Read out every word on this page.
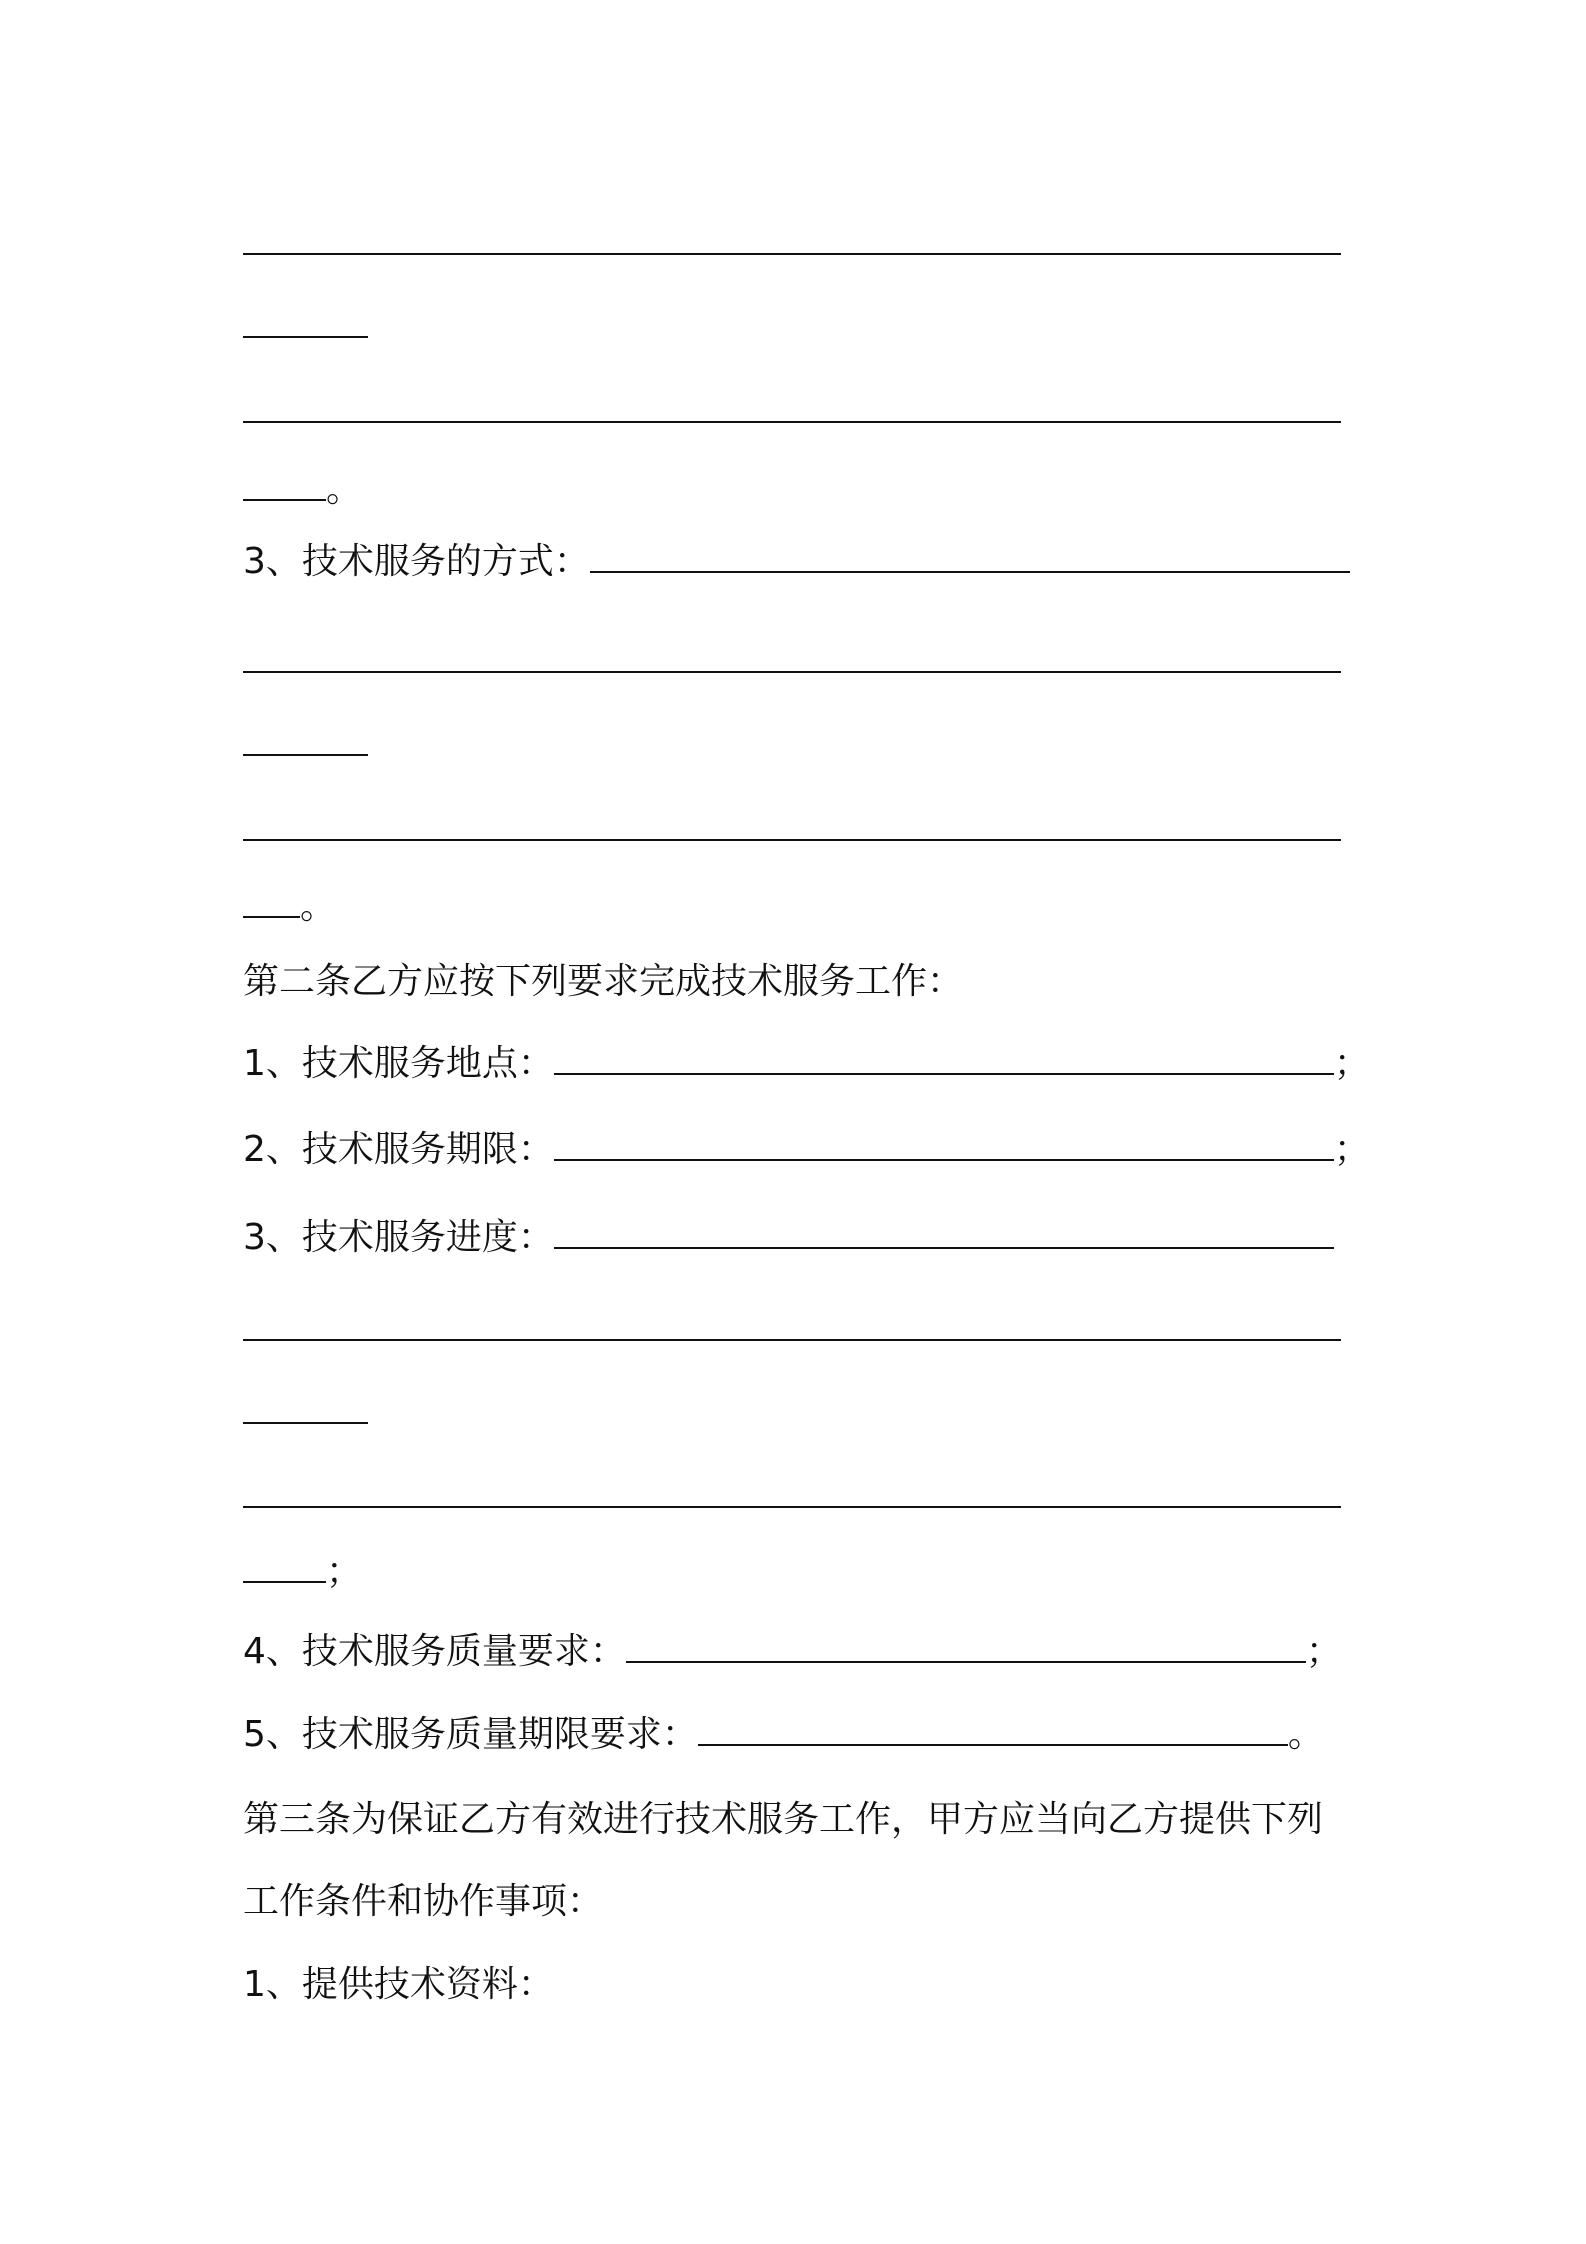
。
3、技术服务的方式：
。
第二条乙方应按下列要求完成技术服务工作：
1、技术服务地点：	；
2、技术服务期限：	；
3、技术服务进度：
；
4、技术服务质量要求：	；
5、技术服务质量期限要求：	。
第三条为保证乙方有效进行技术服务工作，甲方应当向乙方提供下列
工作条件和协作事项：
1、提供技术资料：
